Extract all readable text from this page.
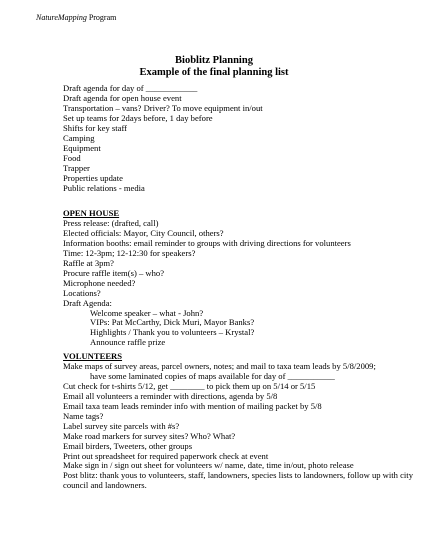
NatureMapping Program
Bioblitz Planning
Example of the final planning list
Draft agenda for day of ____________
Draft agenda for open house event
Transportation – vans? Driver? To move equipment in/out
Set up teams for 2days before, 1 day before
Shifts for key staff
Camping
Equipment
Food
Trapper
Properties update
Public relations - media
OPEN HOUSE
Press release: (drafted, call)
Elected officials: Mayor, City Council, others?
Information booths: email reminder to groups with driving directions for volunteers
Time: 12-3pm; 12-12:30 for speakers?
Raffle at 3pm?
Procure raffle item(s) – who?
Microphone needed?
Locations?
Draft Agenda:
Welcome speaker – what - John?
VIPs: Pat McCarthy, Dick Muri, Mayor Banks?
Highlights / Thank you to volunteers – Krystal?
Announce raffle prize
VOLUNTEERS
Make maps of survey areas, parcel owners, notes; and mail to taxa team leads by 5/8/2009;
have some laminated copies of maps available for day of ___________
Cut check for t-shirts 5/12, get ________ to pick them up on 5/14 or 5/15
Email all volunteers a reminder with directions, agenda by 5/8
Email taxa team leads reminder info with mention of mailing packet by 5/8
Name tags?
Label survey site parcels with #s?
Make road markers for survey sites? Who? What?
Email birders, Tweeters, other groups
Print out spreadsheet for required paperwork check at event
Make sign in / sign out sheet for volunteers w/ name, date, time in/out, photo release
Post blitz: thank yous to volunteers, staff, landowners, species lists to landowners, follow up with city council and landowners.
